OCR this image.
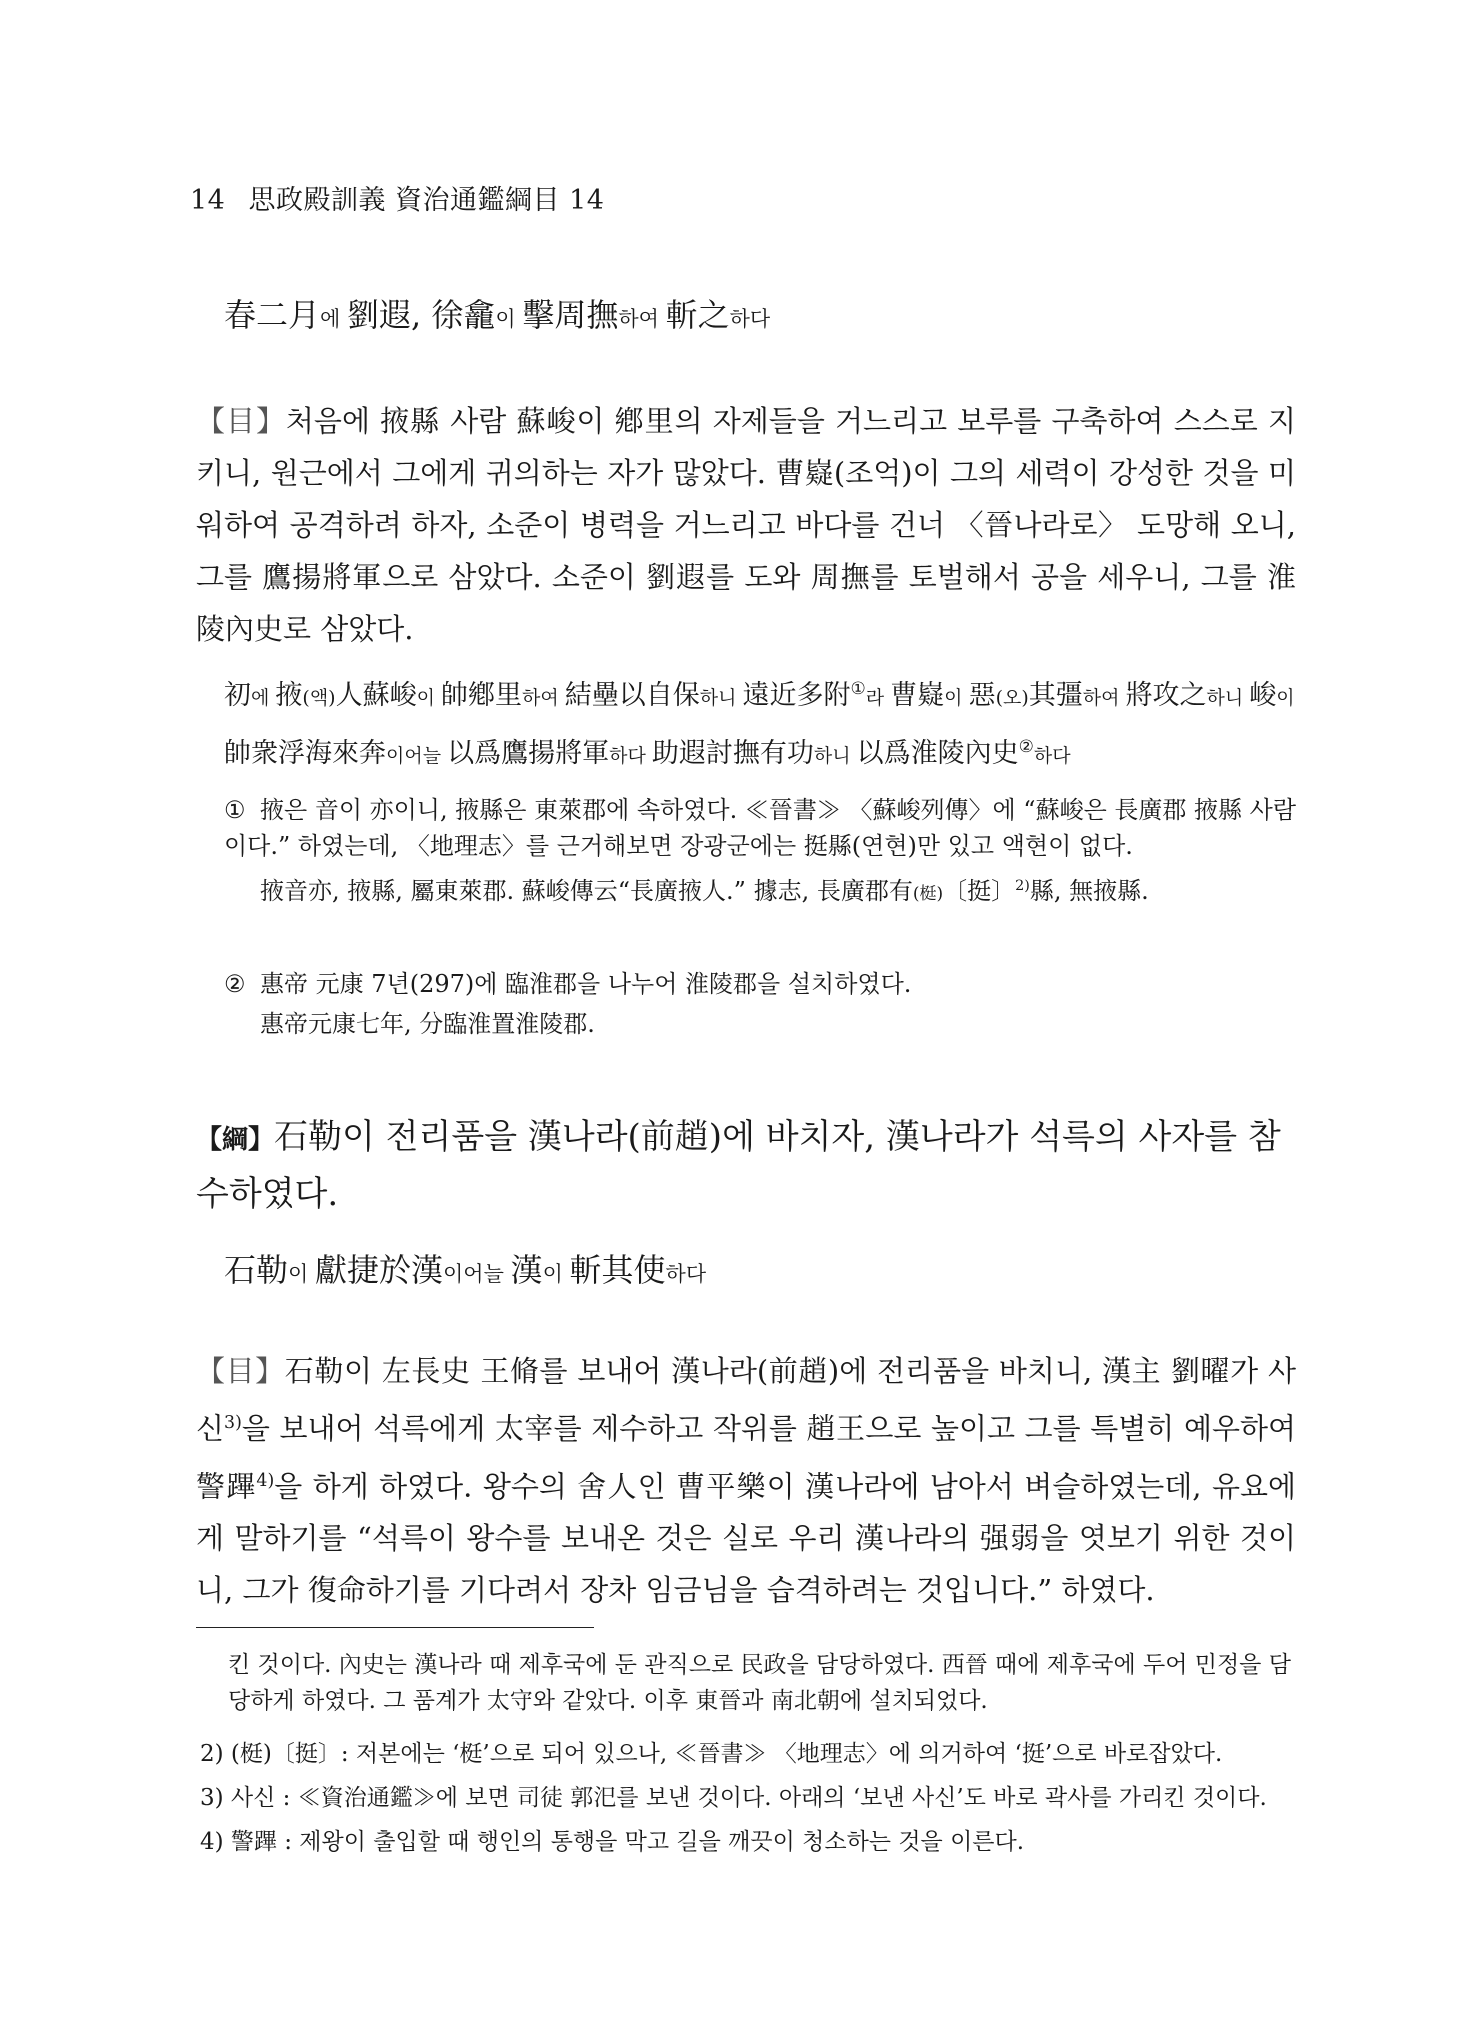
14 思政殿訓義 資治通鑑綱目 14
春二月에 劉遐, 徐龕이 擊周撫하여 斬之하다
【目】처음에 掖縣 사람 蘇峻이 鄕里의 자제들을 거느리고 보루를 구축하여 스스로 지키니, 원근에서 그에게 귀의하는 자가 많았다. 曹嶷(조억)이 그의 세력이 강성한 것을 미워하여 공격하려 하자, 소준이 병력을 거느리고 바다를 건너 〈晉나라로〉 도망해 오니, 그를 鷹揚將軍으로 삼았다. 소준이 劉遐를 도와 周撫를 토벌해서 공을 세우니, 그를 淮陵內史로 삼았다.
初에 掖(액)人蘇峻이 帥鄕里하여 結壘以自保하니 遠近多附①라 曹嶷이 惡(오)其彊하여 將攻之하니 峻이 帥衆浮海來奔이어늘 以爲鷹揚將軍하다 助遐討撫有功하니 以爲淮陵內史②하다
① 掖은 音이 亦이니, 掖縣은 東萊郡에 속하였다. ≪晉書≫ 〈蘇峻列傳〉에 “蘇峻은 長廣郡 掖縣 사람이다.” 하였는데, 〈地理志〉를 근거해보면 장광군에는 挺縣(연현)만 있고 액현이 없다.
掖音亦, 掖縣, 屬東萊郡. 蘇峻傳云“長廣掖人.” 據志, 長廣郡有(梃)〔挺〕$^{2)}$縣, 無掖縣.
② 惠帝 元康 7년(297)에 臨淮郡을 나누어 淮陵郡을 설치하였다.
惠帝元康七年, 分臨淮置淮陵郡.
【綱】石勒이 전리품을 漢나라(前趙)에 바치자, 漢나라가 석륵의 사자를 참수하였다.
石勒이 獻捷於漢이어늘 漢이 斬其使하다
【目】石勒이 左長史 王脩를 보내어 漢나라(前趙)에 전리품을 바치니, 漢主 劉曜가 사신$^{3)}$을 보내어 석륵에게 太宰를 제수하고 작위를 趙王으로 높이고 그를 특별히 예우하여 警蹕$^{4)}$을 하게 하였다. 왕수의 舍人인 曹平樂이 漢나라에 남아서 벼슬하였는데, 유요에게 말하기를 “석륵이 왕수를 보내온 것은 실로 우리 漢나라의 强弱을 엿보기 위한 것이니, 그가 復命하기를 기다려서 장차 임금님을 습격하려는 것입니다.” 하였다.
킨 것이다. 內史는 漢나라 때 제후국에 둔 관직으로 民政을 담당하였다. 西晉 때에 제후국에 두어 민정을 담당하게 하였다. 그 품계가 太守와 같았다. 이후 東晉과 南北朝에 설치되었다.
2) (梃)〔挺〕: 저본에는 ‘梃’으로 되어 있으나, ≪晉書≫ 〈地理志〉에 의거하여 ‘挺’으로 바로잡았다.
3) 사신 : ≪資治通鑑≫에 보면 司徒 郭汜를 보낸 것이다. 아래의 ‘보낸 사신’도 바로 곽사를 가리킨 것이다.
4) 警蹕 : 제왕이 출입할 때 행인의 통행을 막고 길을 깨끗이 청소하는 것을 이른다.
